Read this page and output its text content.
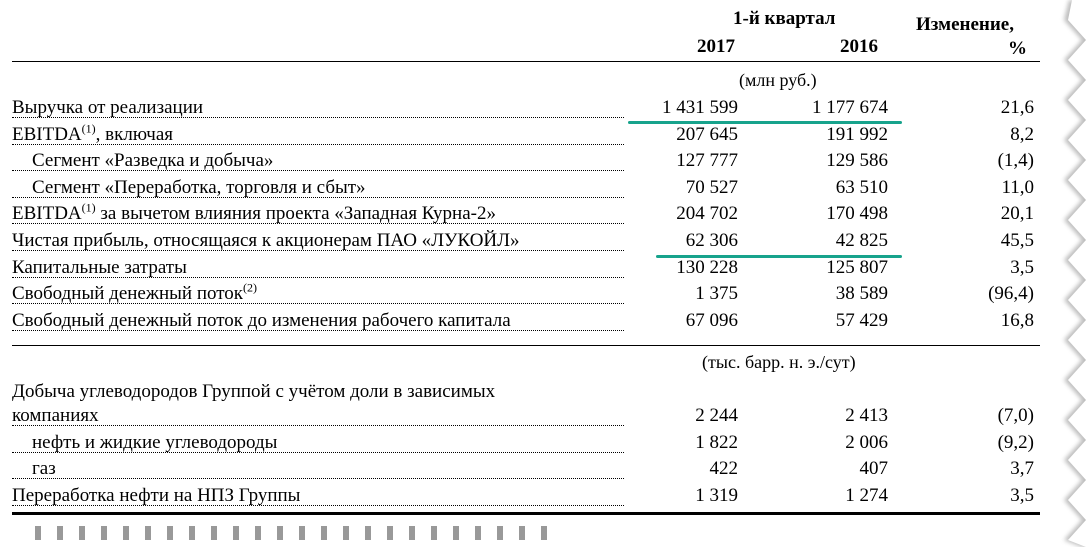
1-й квартал
2017	2016
Изменение,
%
(млн руб.)
Выручка от реализации	1 431 599	1 177 674	21,6
EBITDA$^{(1)}$, включая	207 645	191 992	8,2
Сегмент «Разведка и добыча»	127 777	129 586	(1,4)
Сегмент «Переработка, торговля и сбыт»	70 527	63 510	11,0
EBITDA$^{(1)}$ за вычетом влияния проекта «Западная Курна-2»	204 702	170 498	20,1
Чистая прибыль, относящаяся к акционерам ПАО «ЛУКОЙЛ»	62 306	42 825	45,5
Капитальные затраты	130 228	125 807	3,5
Свободный денежный поток$^{(2)}$	1 375	38 589	(96,4)
Свободный денежный поток до изменения рабочего капитала	67 096	57 429	16,8
(тыс. барр. н. э./сут)
Добыча углеводородов Группой с учётом доли в зависимых
компаниях	2 244	2 413	(7,0)
нефть и жидкие углеводороды	1 822	2 006	(9,2)
газ	422	407	3,7
Переработка нефти на НПЗ Группы	1 319	1 274	3,5
